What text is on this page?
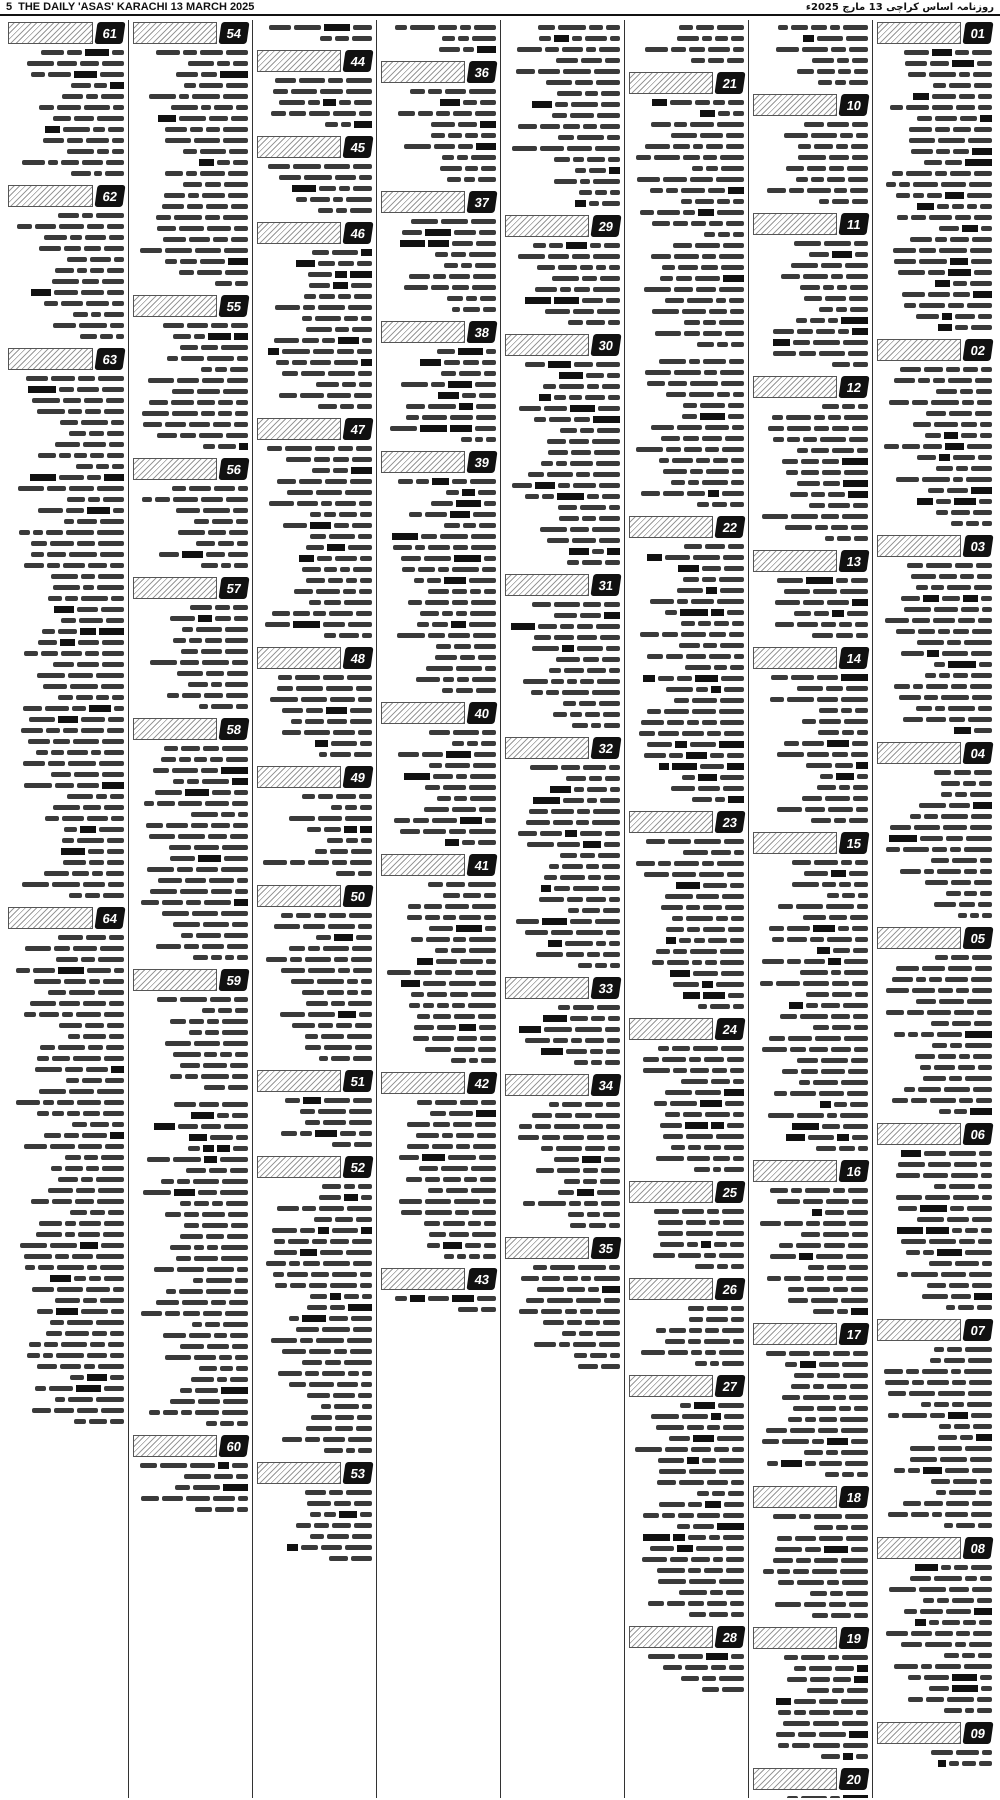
5 THE DAILY 'ASAS' KARACHI 13 MARCH 2025	روزنامہ اساس کراچی 13 مارچ 2025ء
01
02
03
04
05
06
07
08
09
10
11
12
13
14
15
16
17
18
19
20
21
22
23
24
25
26
27
28
29
30
31
32
33
34
35
36
37
38
39
40
41
42
43
44
45
46
47
48
49
50
51
52
53
54
55
56
57
58
59
60
61
62
63
64
